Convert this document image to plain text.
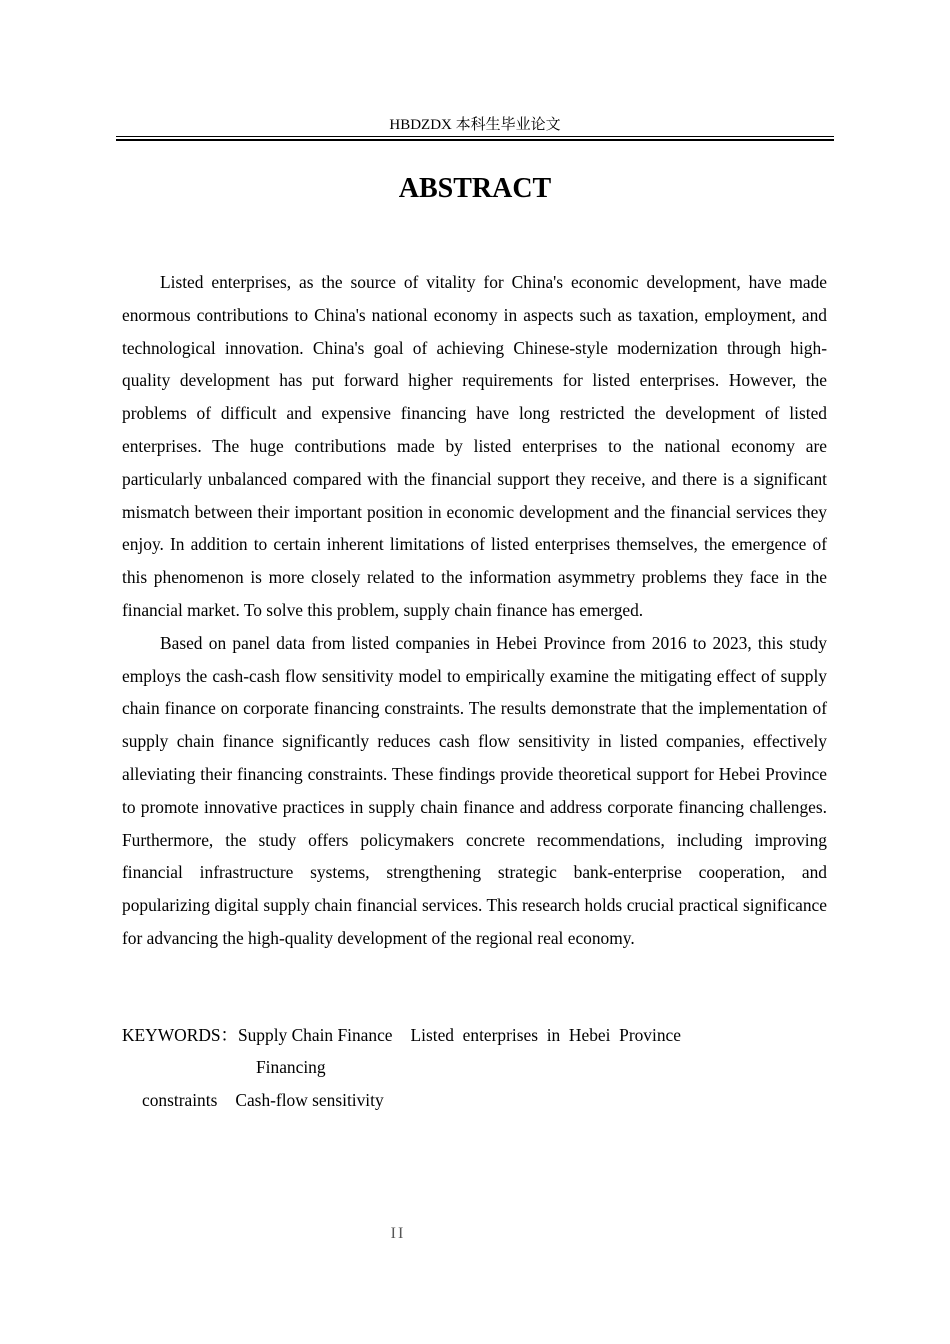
HBDZDX 本科生毕业论文
ABSTRACT

Listed enterprises, as the source of vitality for China's economic development, have made enormous contributions to China's national economy in aspects such as taxation, employment, and technological innovation. China's goal of achieving Chinese-style modernization through high-quality development has put forward higher requirements for listed enterprises. However, the problems of difficult and expensive financing have long restricted the development of listed enterprises. The huge contributions made by listed enterprises to the national economy are particularly unbalanced compared with the financial support they receive, and there is a significant mismatch between their important position in economic development and the financial services they enjoy. In addition to certain inherent limitations of listed enterprises themselves, the emergence of this phenomenon is more closely related to the information asymmetry problems they face in the financial market. To solve this problem, supply chain finance has emerged.

Based on panel data from listed companies in Hebei Province from 2016 to 2023, this study employs the cash-cash flow sensitivity model to empirically examine the mitigating effect of supply chain finance on corporate financing constraints. The results demonstrate that the implementation of supply chain finance significantly reduces cash flow sensitivity in listed companies, effectively alleviating their financing constraints. These findings provide theoretical support for Hebei Province to promote innovative practices in supply chain finance and address corporate financing challenges. Furthermore, the study offers policymakers concrete recommendations, including improving financial infrastructure systems, strengthening strategic bank-enterprise cooperation, and popularizing digital supply chain financial services. This research holds crucial practical significance for advancing the high-quality development of the regional real economy.

KEYWORDS：Supply Chain Finance Listed  enterprises  in  Hebei  Province
Financing
constraints Cash-flow sensitivity
II
